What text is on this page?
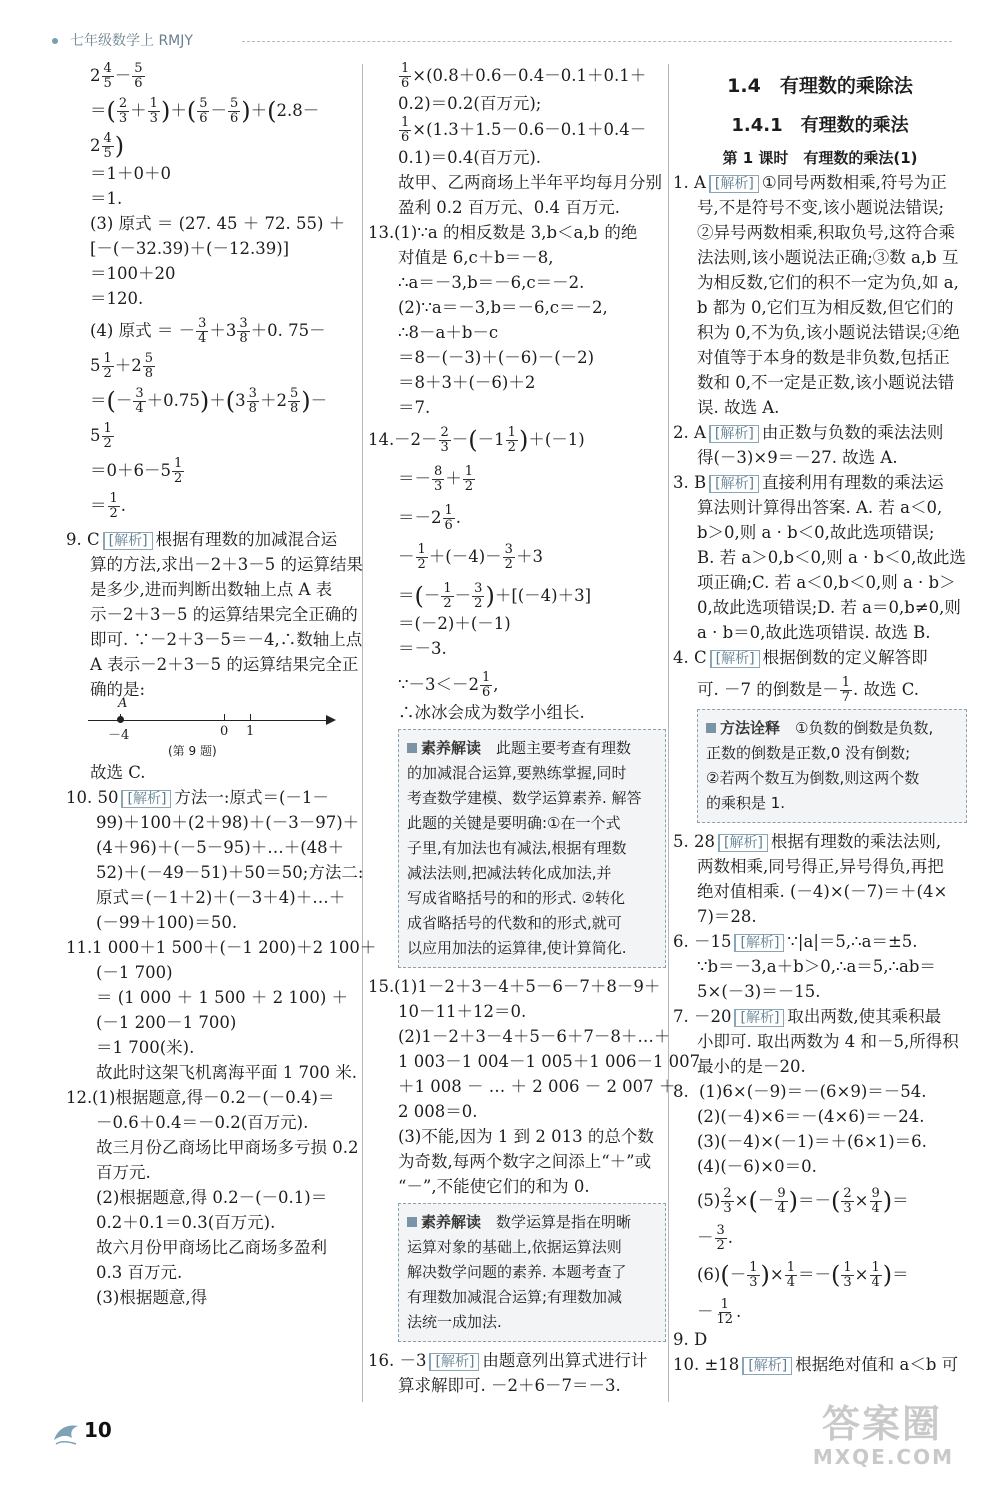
七年级数学上 RMJY
$2 \frac{4}{5} - \frac{5}{6}$
＝( $\frac{2}{3} + \frac{1}{3}$ )＋( $\frac{5}{6} - \frac{5}{6} )+(2.8-$
$2 \frac{4}{5}$ )
＝1＋0＋0
＝1.
(3) 原式 ＝ (27. 45 ＋ 72. 55) ＋
[－(－32.39)＋(－12.39)]
＝100＋20
＝120.
(4) 原式 ＝ － $\frac{3}{4} +3 \frac{3}{8} +0$. 75－
$5 \frac{1}{2} +2 \frac{5}{8}$
＝(－ $\frac{3}{4} +0.75)+(3 \frac{3}{8} +2 \frac{5}{8}$ )－
$5 \frac{1}{2}$
$=0+6-5 \frac{1}{2}$
＝ $\frac{1}{2}$ .
9. C [解析] 根据有理数的加减混合运
算的方法,求出－2＋3－5 的运算结果
是多少,进而判断出数轴上点 A 表
示－2＋3－5 的运算结果完全正确的
即可. ∵－2＋3－5＝－4,∴数轴上点
A 表示－2＋3－5 的运算结果完全正
确的是:
A
－4	0 1
(第 9 题)
故选 C.
10. 50 [解析] 方法一:原式＝(－1－
99)＋100＋(2＋98)＋(－3－97)＋
(4＋96)＋(－5－95)＋…＋(48＋
52)＋(－49－51)＋50＝50;方法二:
原式＝(－1＋2)＋(－3＋4)＋…＋
(－99＋100)＝50.
11.1 000＋1 500＋(－1 200)＋2 100＋
(－1 700)
＝ (1 000 ＋ 1 500 ＋ 2 100) ＋
(－1 200－1 700)
＝1 700(米).
故此时这架飞机离海平面 1 700 米.
12.(1)根据题意,得－0.2－(－0.4)＝
－0.6＋0.4＝－0.2(百万元).
故三月份乙商场比甲商场多亏损 0.2
百万元.
(2)根据题意,得 0.2－(－0.1)＝
0.2＋0.1＝0.3(百万元).
故六月份甲商场比乙商场多盈利
0.3 百万元.
(3)根据题意,得
$\frac{1}{6} \times(0.8+0.6-0.4-0.1+0.1+$
0.2)＝0.2(百万元);
$\frac{1}{6} \times(1.3+1.5-0.6-0.1+0.4-$
0.1)＝0.4(百万元).
故甲、乙两商场上半年平均每月分别
盈利 0.2 百万元、0.4 百万元.
13.(1)∵a 的相反数是 3,b＜a,b 的绝
对值是 6,c＋b＝－8,
∴a＝－3,b＝－6,c＝－2.
(2)∵a＝－3,b＝－6,c＝－2,
∴8－a＋b－c
＝8－(－3)＋(－6)－(－2)
＝8＋3＋(－6)＋2
＝7.
$14.-2- \frac{2}{3} -(-1 \frac{1}{2} )+(-1)$
＝－ $\frac{8}{3} + \frac{1}{2}$
$=-2 \frac{1}{6}$ .
－ $\frac{1}{2} +(-4)- \frac{3}{2} +3$
＝(－ $\frac{1}{2} - \frac{3}{2} )+[(-4)+3]$
＝(－2)＋(－1)
＝－3.
∵－3＜－2 $\frac{1}{6}$ ,
∴冰冰会成为数学小组长.
素养解读　 此题主要考查有理数
的加减混合运算,要熟练掌握,同时
考查数学建模、数学运算素养. 解答
此题的关键是要明确:①在一个式
子里,有加法也有减法,根据有理数
减法法则,把减法转化成加法,并
写成省略括号的和的形式. ②转化
成省略括号的代数和的形式,就可
以应用加法的运算律,使计算简化.
15.(1)1－2＋3－4＋5－6－7＋8－9＋
10－11＋12＝0.
(2)1－2＋3－4＋5－6＋7－8＋…＋
1 003－1 004－1 005＋1 006－1 007
＋1 008 － … ＋ 2 006 － 2 007 ＋
2 008＝0.
(3)不能,因为 1 到 2 013 的总个数
为奇数,每两个数字之间添上“＋”或
“－”,不能使它们的和为 0.
素养解读　 数学运算是指在明晰
运算对象的基础上,依据运算法则
解决数学问题的素养. 本题考查了
有理数加减混合运算;有理数加减
法统一成加法.
16. －3 [解析] 由题意列出算式进行计
算求解即可. －2＋6－7＝－3.
1.4　有理数的乘除法
1.4.1　有理数的乘法
第 1 课时　有理数的乘法(1)
1. A [解析] ①同号两数相乘,符号为正
号,不是符号不变,该小题说法错误;
②异号两数相乘,积取负号,这符合乘
法法则,该小题说法正确;③数 a,b 互
为相反数,它们的积不一定为负,如 a,
b 都为 0,它们互为相反数,但它们的
积为 0,不为负,该小题说法错误;④绝
对值等于本身的数是非负数,包括正
数和 0,不一定是正数,该小题说法错
误. 故选 A.
2. A [解析] 由正数与负数的乘法法则
得(－3)×9＝－27. 故选 A.
3. B [解析] 直接利用有理数的乘法运
算法则计算得出答案. A. 若 a＜0,
b＞0,则 a · b＜0,故此选项错误;
B. 若 a＞0,b＜0,则 a · b＜0,故此选
项正确;C. 若 a＜0,b＜0,则 a · b＞
0,故此选项错误;D. 若 a＝0,b≠0,则
a · b＝0,故此选项错误. 故选 B.
4. C [解析] 根据倒数的定义解答即
可. －7 的倒数是－ $\frac{1}{7}$ . 故选 C.
方法诠释　 ①负数的倒数是负数,
正数的倒数是正数,0 没有倒数;
②若两个数互为倒数,则这两个数
的乘积是 1.
5. 28 [解析] 根据有理数的乘法法则,
两数相乘,同号得正,异号得负,再把
绝对值相乘. (－4)×(－7)＝＋(4×
7)＝28.
6. －15 [解析] ∵|a|＝5,∴a＝±5.
∵b＝－3,a＋b＞0,∴a＝5,∴ab＝
5×(－3)＝－15.
7. －20 [解析] 取出两数,使其乘积最
小即可. 取出两数为 4 和－5,所得积
最小的是－20.
8. (1)6×(－9)＝－(6×9)＝－54.
(2)(－4)×6＝－(4×6)＝－24.
(3)(－4)×(－1)＝＋(6×1)＝6.
(4)(－6)×0＝0.
$(5) \frac{2}{3}$ ×(－ $\frac{9}{4}$ )＝－( $\frac{2}{3} \times \frac{9}{4}$ )＝
－ $\frac{3}{2}$ .
$(6)(- \frac{1}{3}$ )× $\frac{1}{4}$ ＝－( $\frac{1}{3} \times \frac{1}{4}$ )＝
－ $\frac{1}{12}$ .
9. D
10. ±18 [解析] 根据绝对值和 a＜b 可
10	答案圈
MXQE.COM
